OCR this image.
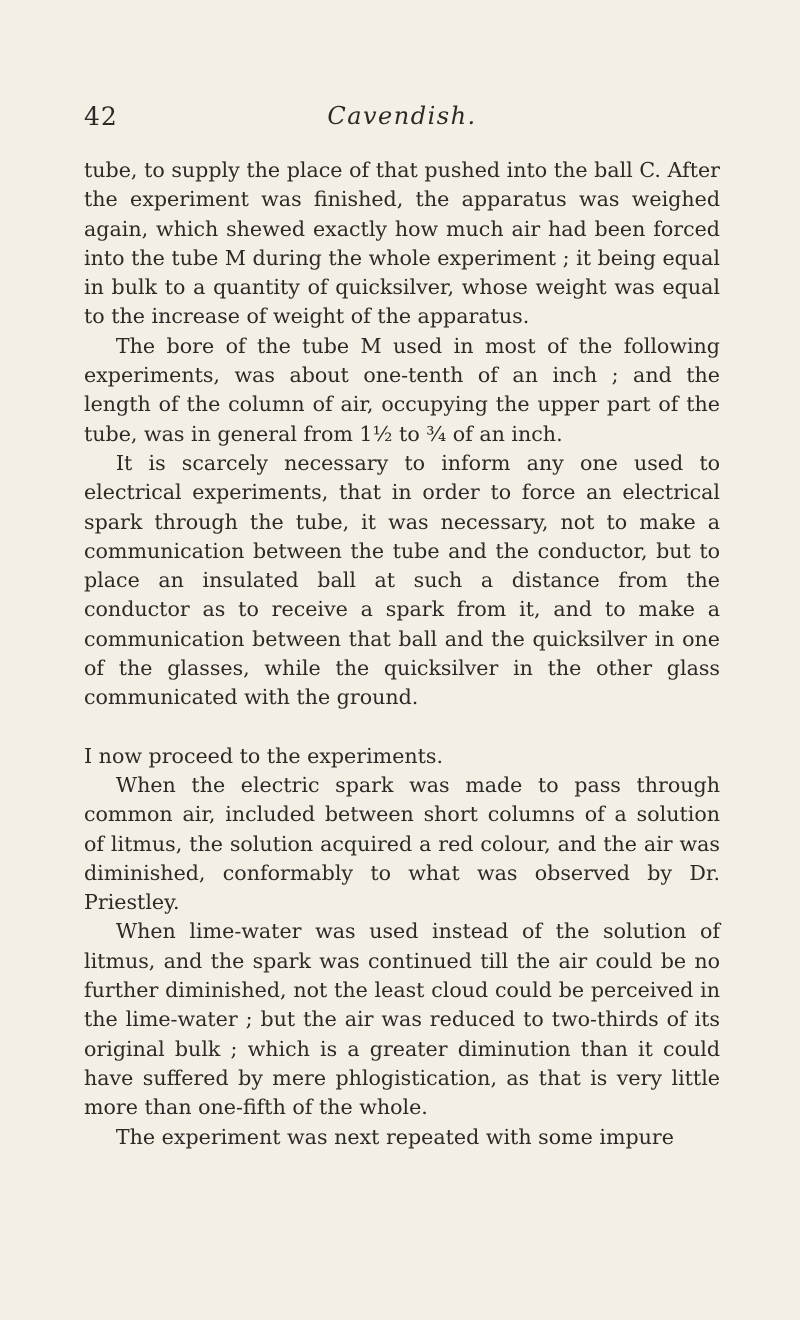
42	Cavendish.

tube, to supply the place of that pushed into the ball C. After the experiment was finished, the apparatus was weighed again, which shewed exactly how much air had been forced into the tube M during the whole experiment ; it being equal in bulk to a quantity of quicksilver, whose weight was equal to the increase of weight of the apparatus.

The bore of the tube M used in most of the following experiments, was about one-tenth of an inch ; and the length of the column of air, occupying the upper part of the tube, was in general from 1½ to ¾ of an inch.

It is scarcely necessary to inform any one used to electrical experiments, that in order to force an electrical spark through the tube, it was necessary, not to make a communication between the tube and the conductor, but to place an insulated ball at such a distance from the conductor as to receive a spark from it, and to make a communication between that ball and the quicksilver in one of the glasses, while the quicksilver in the other glass communicated with the ground.

I now proceed to the experiments.

When the electric spark was made to pass through common air, included between short columns of a solution of litmus, the solution acquired a red colour, and the air was diminished, conformably to what was observed by Dr. Priestley.

When lime-water was used instead of the solution of litmus, and the spark was continued till the air could be no further diminished, not the least cloud could be perceived in the lime-water ; but the air was reduced to two-thirds of its original bulk ; which is a greater diminution than it could have suffered by mere phlogistication, as that is very little more than one-fifth of the whole.

The experiment was next repeated with some impure
